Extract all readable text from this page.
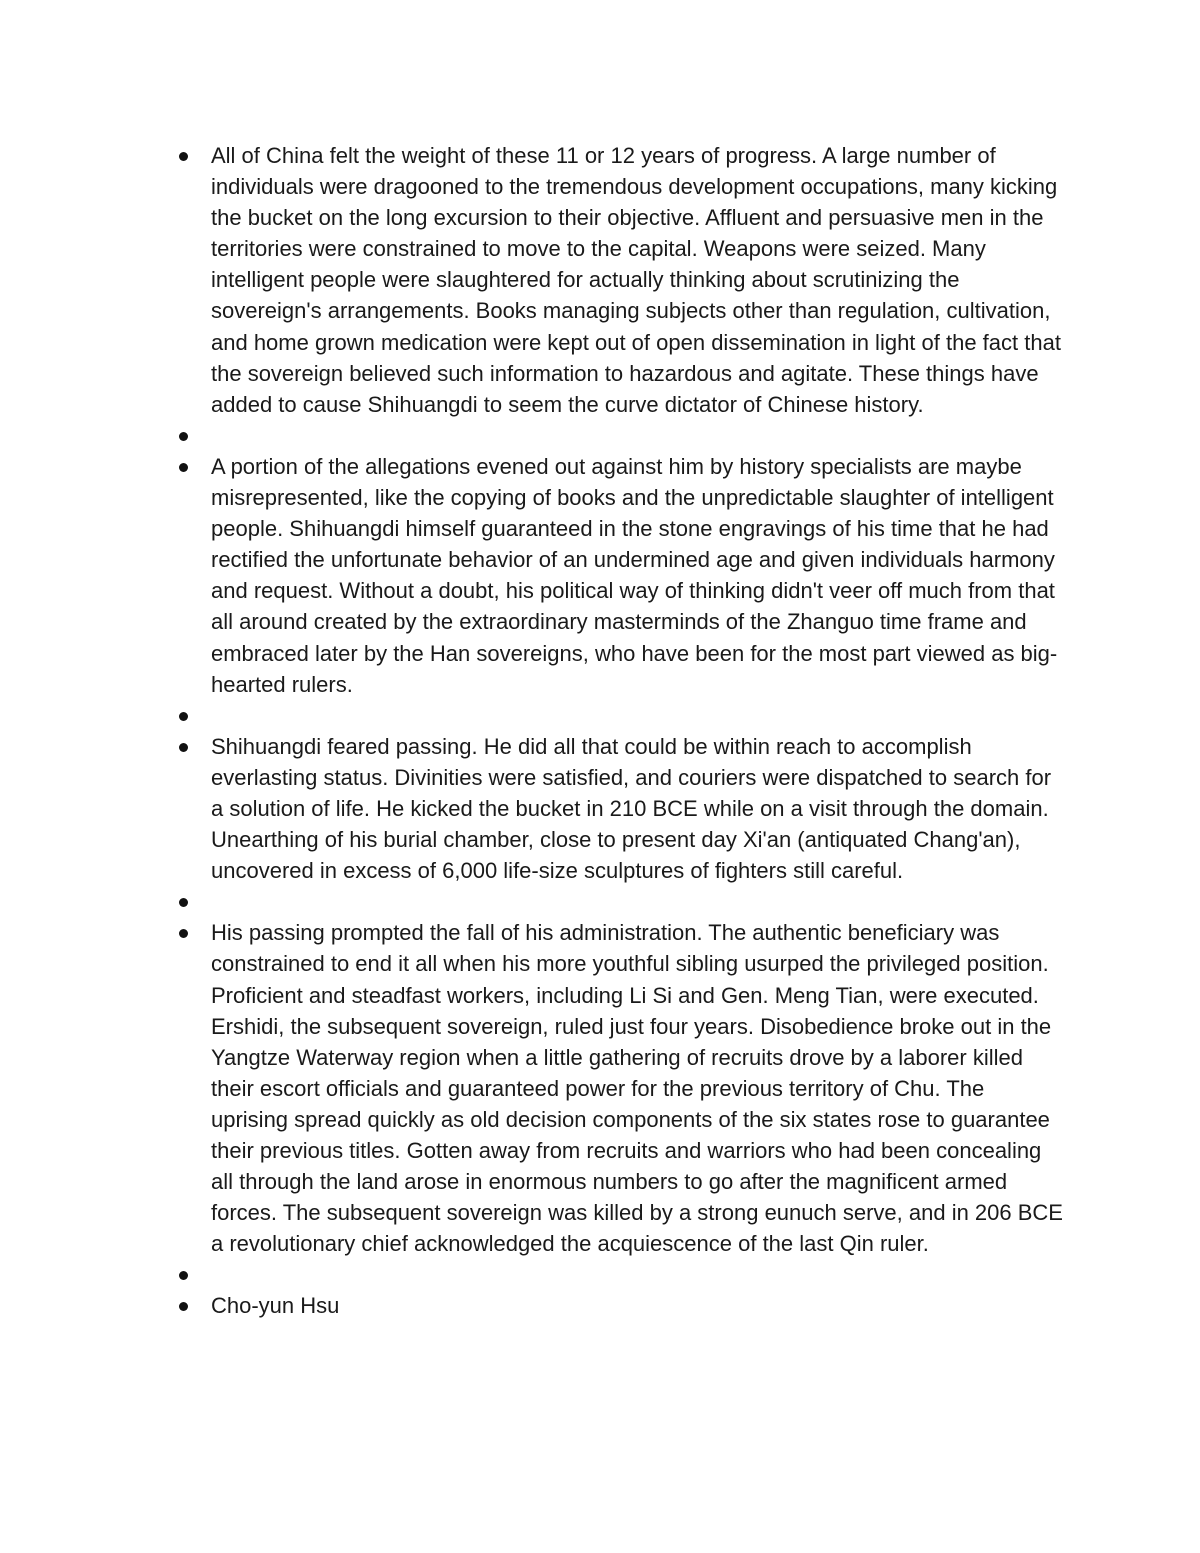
All of China felt the weight of these 11 or 12 years of progress. A large number of individuals were dragooned to the tremendous development occupations, many kicking the bucket on the long excursion to their objective. Affluent and persuasive men in the territories were constrained to move to the capital. Weapons were seized. Many intelligent people were slaughtered for actually thinking about scrutinizing the sovereign's arrangements. Books managing subjects other than regulation, cultivation, and home grown medication were kept out of open dissemination in light of the fact that the sovereign believed such information to hazardous and agitate. These things have added to cause Shihuangdi to seem the curve dictator of Chinese history.
A portion of the allegations evened out against him by history specialists are maybe misrepresented, like the copying of books and the unpredictable slaughter of intelligent people. Shihuangdi himself guaranteed in the stone engravings of his time that he had rectified the unfortunate behavior of an undermined age and given individuals harmony and request. Without a doubt, his political way of thinking didn't veer off much from that all around created by the extraordinary masterminds of the Zhanguo time frame and embraced later by the Han sovereigns, who have been for the most part viewed as big-hearted rulers.
Shihuangdi feared passing. He did all that could be within reach to accomplish everlasting status. Divinities were satisfied, and couriers were dispatched to search for a solution of life. He kicked the bucket in 210 BCE while on a visit through the domain. Unearthing of his burial chamber, close to present day Xi'an (antiquated Chang'an), uncovered in excess of 6,000 life-size sculptures of fighters still careful.
His passing prompted the fall of his administration. The authentic beneficiary was constrained to end it all when his more youthful sibling usurped the privileged position. Proficient and steadfast workers, including Li Si and Gen. Meng Tian, were executed. Ershidi, the subsequent sovereign, ruled just four years. Disobedience broke out in the Yangtze Waterway region when a little gathering of recruits drove by a laborer killed their escort officials and guaranteed power for the previous territory of Chu. The uprising spread quickly as old decision components of the six states rose to guarantee their previous titles. Gotten away from recruits and warriors who had been concealing all through the land arose in enormous numbers to go after the magnificent armed forces. The subsequent sovereign was killed by a strong eunuch serve, and in 206 BCE a revolutionary chief acknowledged the acquiescence of the last Qin ruler.
Cho-yun Hsu
